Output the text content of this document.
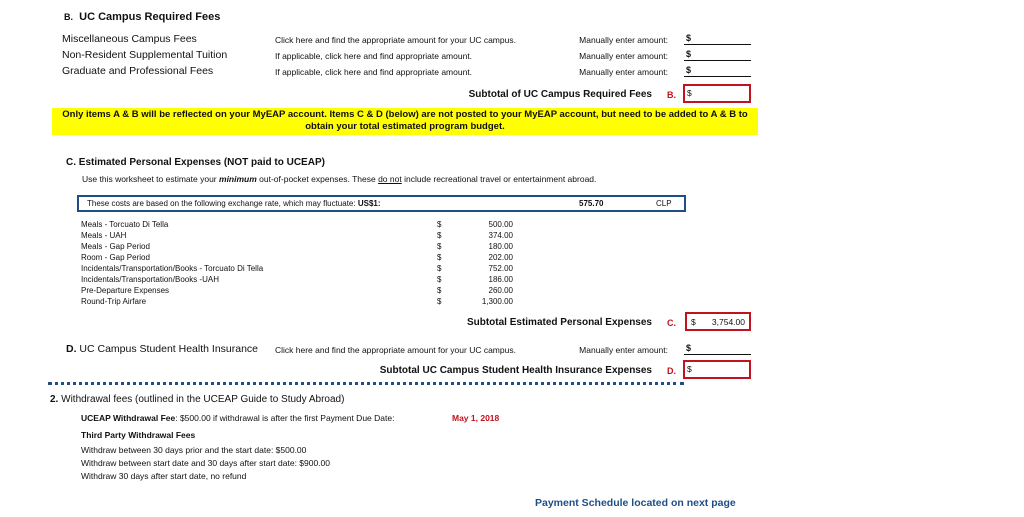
B. UC Campus Required Fees
Miscellaneous Campus Fees	Click here and find the appropriate amount for your UC campus.	Manually enter amount: $
Non-Resident Supplemental Tuition	If applicable, click here and find appropriate amount.	Manually enter amount: $
Graduate and Professional Fees	If applicable, click here and find appropriate amount.	Manually enter amount: $
Subtotal of UC Campus Required Fees B.	$
Only items A & B will be reflected on your MyEAP account. Items C & D (below) are not posted to your MyEAP account, but need to be added to A & B to obtain your total estimated program budget.
C. Estimated Personal Expenses (NOT paid to UCEAP)
Use this worksheet to estimate your minimum out-of-pocket expenses. These do not include recreational travel or entertainment abroad.
These costs are based on the following exchange rate, which may fluctuate: US$1:	575.70	CLP
Meals - Torcuato Di Tella	$	500.00
Meals - UAH	$	374.00
Meals - Gap Period	$	180.00
Room - Gap Period	$	202.00
Incidentals/Transportation/Books - Torcuato Di Tella	$	752.00
Incidentals/Transportation/Books -UAH	$	186.00
Pre-Departure Expenses	$	260.00
Round-Trip Airfare	$	1,300.00
Subtotal Estimated Personal Expenses C. $ 3,754.00
D. UC Campus Student Health Insurance Click here and find the appropriate amount for your UC campus.	Manually enter amount: $
Subtotal UC Campus Student Health Insurance Expenses D.	$
2. Withdrawal fees (outlined in the UCEAP Guide to Study Abroad)
UCEAP Withdrawal Fee: $500.00 if withdrawal is after the first Payment Due Date:	May 1, 2018
Third Party Withdrawal Fees
Withdraw between 30 days prior and the start date: $500.00
Withdraw between start date and 30 days after start date: $900.00
Withdraw 30 days after start date, no refund
Payment Schedule located on next page
